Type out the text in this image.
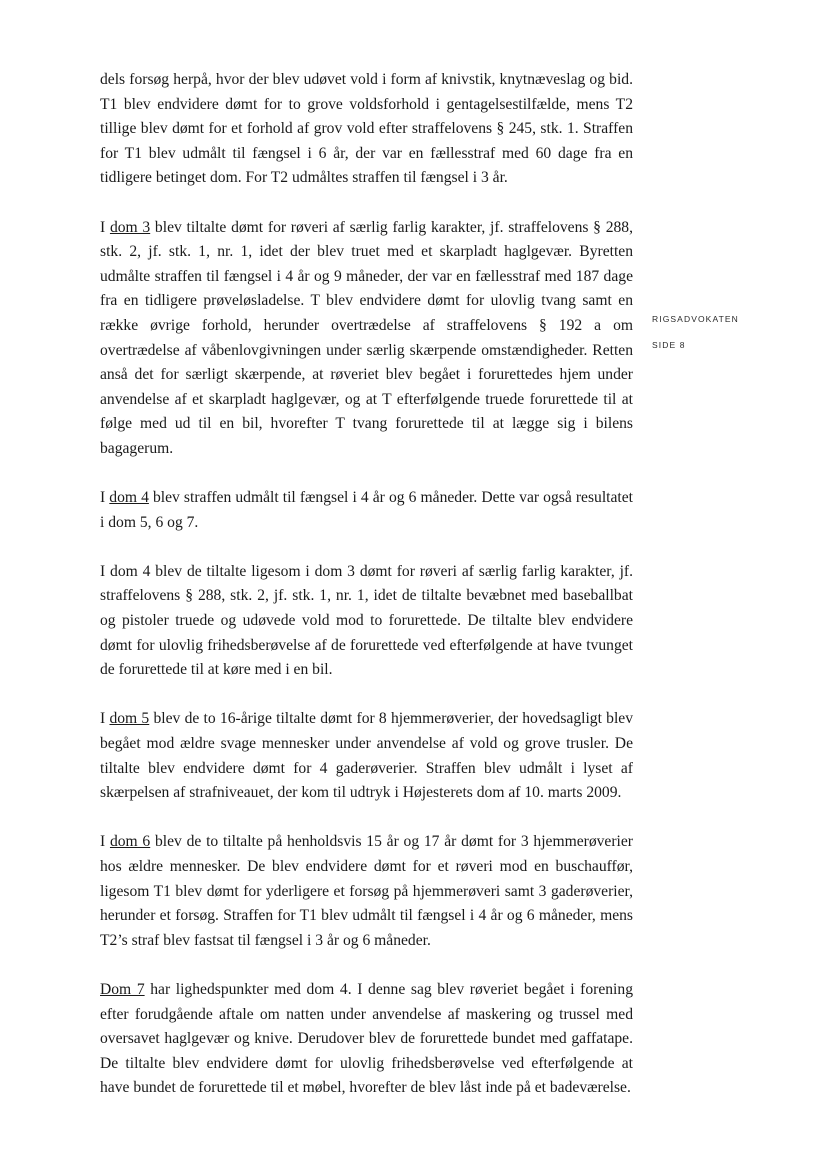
dels forsøg herpå, hvor der blev udøvet vold i form af knivstik, knytnæveslag og bid. T1 blev endvidere dømt for to grove voldsforhold i gentagelsestilfælde, mens T2 tillige blev dømt for et forhold af grov vold efter straffelovens § 245, stk. 1. Straffen for T1 blev udmålt til fængsel i 6 år, der var en fællesstraf med 60 dage fra en tidligere betinget dom. For T2 udmåltes straffen til fængsel i 3 år.

I dom 3 blev tiltalte dømt for røveri af særlig farlig karakter, jf. straffelovens § 288, stk. 2, jf. stk. 1, nr. 1, idet der blev truet med et skarpladt haglgevær. Byretten udmålte straffen til fængsel i 4 år og 9 måneder, der var en fællesstraf med 187 dage fra en tidligere prøveløsladelse. T blev endvidere dømt for ulovlig tvang samt en række øvrige forhold, herunder overtrædelse af straffelovens § 192 a om overtrædelse af våbenlovgivningen under særlig skærpende omstændigheder. Retten anså det for særligt skærpende, at røveriet blev begået i forurettedes hjem under anvendelse af et skarpladt haglgevær, og at T efterfølgende truede forurettede til at følge med ud til en bil, hvorefter T tvang forurettede til at lægge sig i bilens bagagerum.

I dom 4 blev straffen udmålt til fængsel i 4 år og 6 måneder. Dette var også resultatet i dom 5, 6 og 7.

I dom 4 blev de tiltalte ligesom i dom 3 dømt for røveri af særlig farlig karakter, jf. straffelovens § 288, stk. 2, jf. stk. 1, nr. 1, idet de tiltalte bevæbnet med baseballbat og pistoler truede og udøvede vold mod to forurettede. De tiltalte blev endvidere dømt for ulovlig frihedsberøvelse af de forurettede ved efterfølgende at have tvunget de forurettede til at køre med i en bil.

I dom 5 blev de to 16-årige tiltalte dømt for 8 hjemmerøverier, der hovedsagligt blev begået mod ældre svage mennesker under anvendelse af vold og grove trusler. De tiltalte blev endvidere dømt for 4 gaderøverier. Straffen blev udmålt i lyset af skærpelsen af strafniveauet, der kom til udtryk i Højesterets dom af 10. marts 2009.

I dom 6 blev de to tiltalte på henholdsvis 15 år og 17 år dømt for 3 hjemmerøverier hos ældre mennesker. De blev endvidere dømt for et røveri mod en buschauffør, ligesom T1 blev dømt for yderligere et forsøg på hjemmerøveri samt 3 gaderøverier, herunder et forsøg. Straffen for T1 blev udmålt til fængsel i 4 år og 6 måneder, mens T2’s straf blev fastsat til fængsel i 3 år og 6 måneder.

Dom 7 har lighedspunkter med dom 4. I denne sag blev røveriet begået i forening efter forudgående aftale om natten under anvendelse af maskering og trussel med oversavet haglgevær og knive. Derudover blev de forurettede bundet med gaffatape. De tiltalte blev endvidere dømt for ulovlig frihedsberøvelse ved efterfølgende at have bundet de forurettede til et møbel, hvorefter de blev låst inde på et badeværelse.

RIGSADVOKATEN
SIDE 8
